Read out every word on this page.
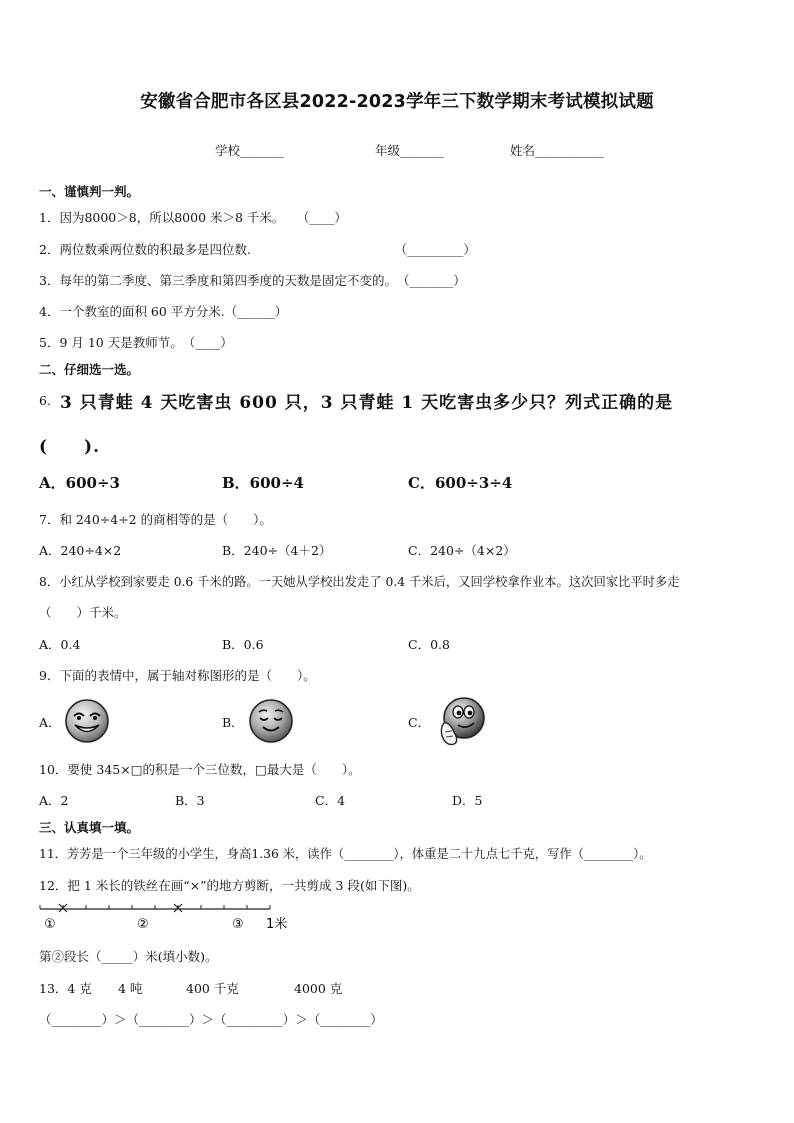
安徽省合肥市各区县2022-2023学年三下数学期末考试模拟试题
学校_______	年级_______	姓名___________
一、谨慎判一判。
1．因为8000＞8，所以8000 米＞8 千米。　　（____）
2．两位数乘两位数的积最多是四位数.　　　　　　　　　　　　（_________）
3．每年的第二季度、第三季度和第四季度的天数是固定不变的。　（_______）
4．一个教室的面积 60 平方分米.（______）
5．9 月 10 天是教师节。　（____）
二、仔细选一选。
6. 3 只青蛙 4 天吃害虫 600 只，3 只青蛙 1 天吃害虫多少只？列式正确的是
(　　).
A．600÷3	B．600÷4	C．600÷3÷4
7．和 240÷4÷2 的商相等的是（　　）。
A．240÷4×2	B．240÷（4＋2）	C．240÷（4×2）
8．小红从学校到家要走 0.6 千米的路。一天她从学校出发走了 0.4 千米后，又回学校拿作业本。这次回家比平时多走
（　　）千米。
A．0.4	B．0.6	C．0.8
9．下面的表情中，属于轴对称图形的是（　　）。
A．	B．	C．
10．要使 345×□的积是一个三位数，□最大是（　　）。
A．2	B．3	C．4	D．5
三、认真填一填。
11．芳芳是一个三年级的小学生，身高1.36 米，读作（________），体重是二十九点七千克，写作（________）。
12．把 1 米长的铁丝在画“×”的地方剪断，一共剪成 3 段(如下图)。
①	②	③ 1米
第②段长（_____）米(填小数)。
13．4 克 4 吨	400 千克	4000 克
（________）＞（________）＞（_________）＞（________）
